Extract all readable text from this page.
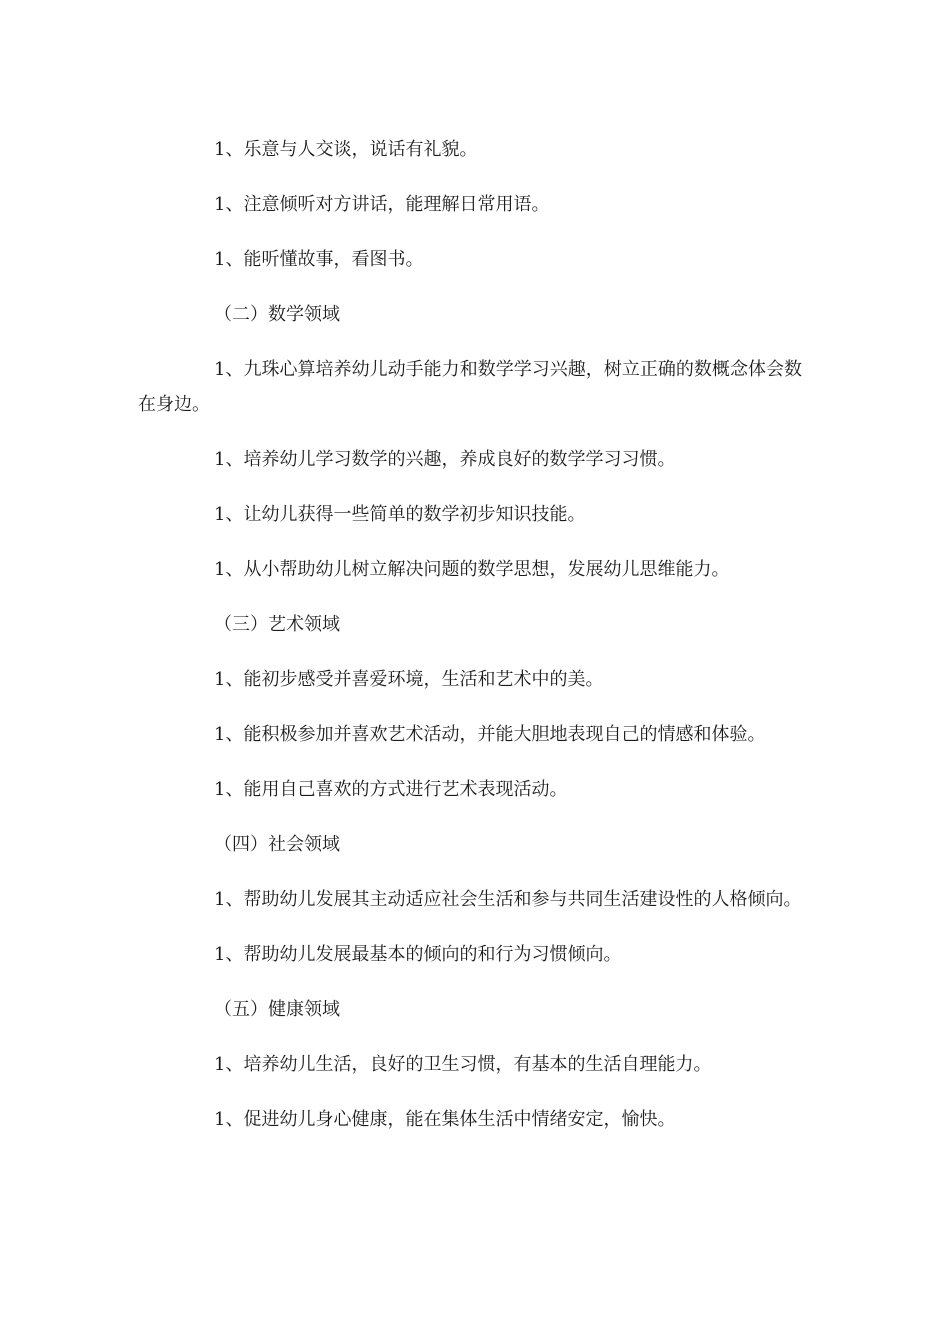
1、乐意与人交谈，说话有礼貌。

1、注意倾听对方讲话，能理解日常用语。

1、能听懂故事，看图书。

（二）数学领域

1、九珠心算培养幼儿动手能力和数学学习兴趣，树立正确的数概念体会数在身边。

1、培养幼儿学习数学的兴趣，养成良好的数学学习习惯。

1、让幼儿获得一些简单的数学初步知识技能。

1、从小帮助幼儿树立解决问题的数学思想，发展幼儿思维能力。

（三）艺术领域

1、能初步感受并喜爱环境，生活和艺术中的美。

1、能积极参加并喜欢艺术活动，并能大胆地表现自己的情感和体验。

1、能用自己喜欢的方式进行艺术表现活动。

（四）社会领域

1、帮助幼儿发展其主动适应社会生活和参与共同生活建设性的人格倾向。

1、帮助幼儿发展最基本的倾向的和行为习惯倾向。

（五）健康领域

1、培养幼儿生活，良好的卫生习惯，有基本的生活自理能力。

1、促进幼儿身心健康，能在集体生活中情绪安定，愉快。
